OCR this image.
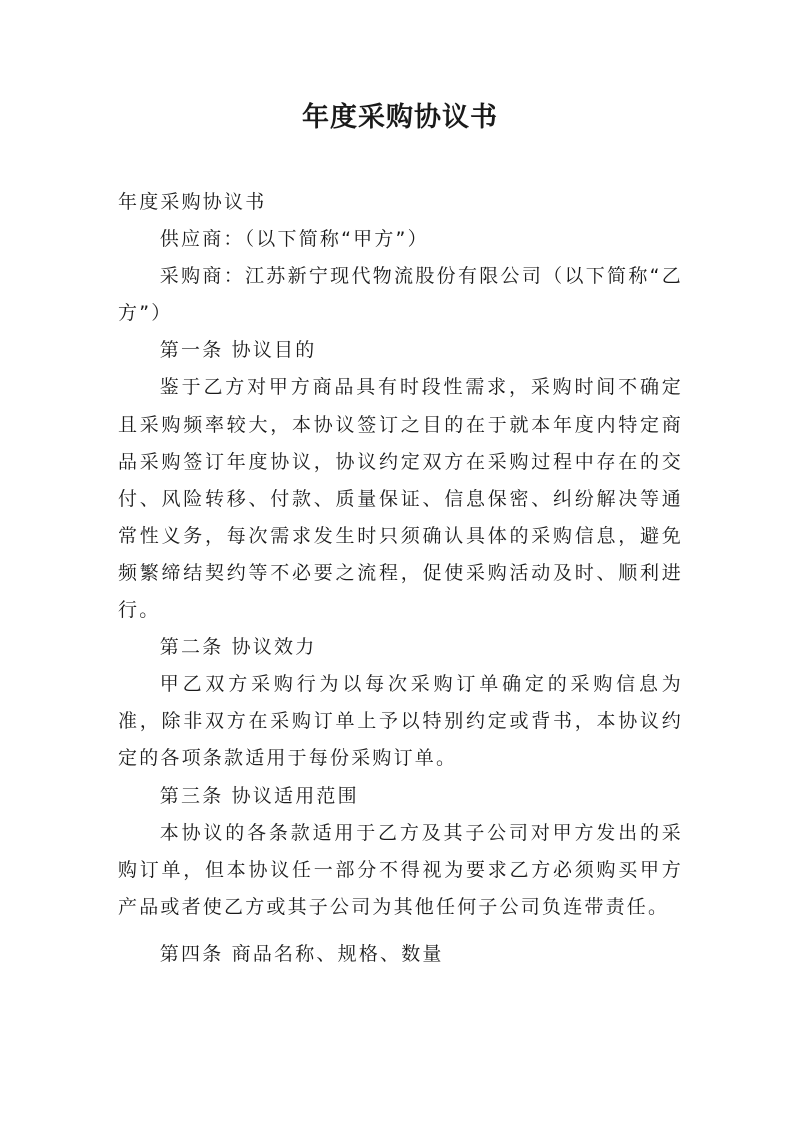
年度采购协议书

年度采购协议书

供应商：（以下简称“甲方”）

采购商：江苏新宁现代物流股份有限公司（以下简称“乙方”）

第一条 协议目的

鉴于乙方对甲方商品具有时段性需求，采购时间不确定且采购频率较大，本协议签订之目的在于就本年度内特定商品采购签订年度协议，协议约定双方在采购过程中存在的交付、风险转移、付款、质量保证、信息保密、纠纷解决等通常性义务，每次需求发生时只须确认具体的采购信息，避免频繁缔结契约等不必要之流程，促使采购活动及时、顺利进行。

第二条 协议效力

甲乙双方采购行为以每次采购订单确定的采购信息为准，除非双方在采购订单上予以特别约定或背书，本协议约定的各项条款适用于每份采购订单。

第三条 协议适用范围

本协议的各条款适用于乙方及其子公司对甲方发出的采购订单，但本协议任一部分不得视为要求乙方必须购买甲方产品或者使乙方或其子公司为其他任何子公司负连带责任。

第四条 商品名称、规格、数量
